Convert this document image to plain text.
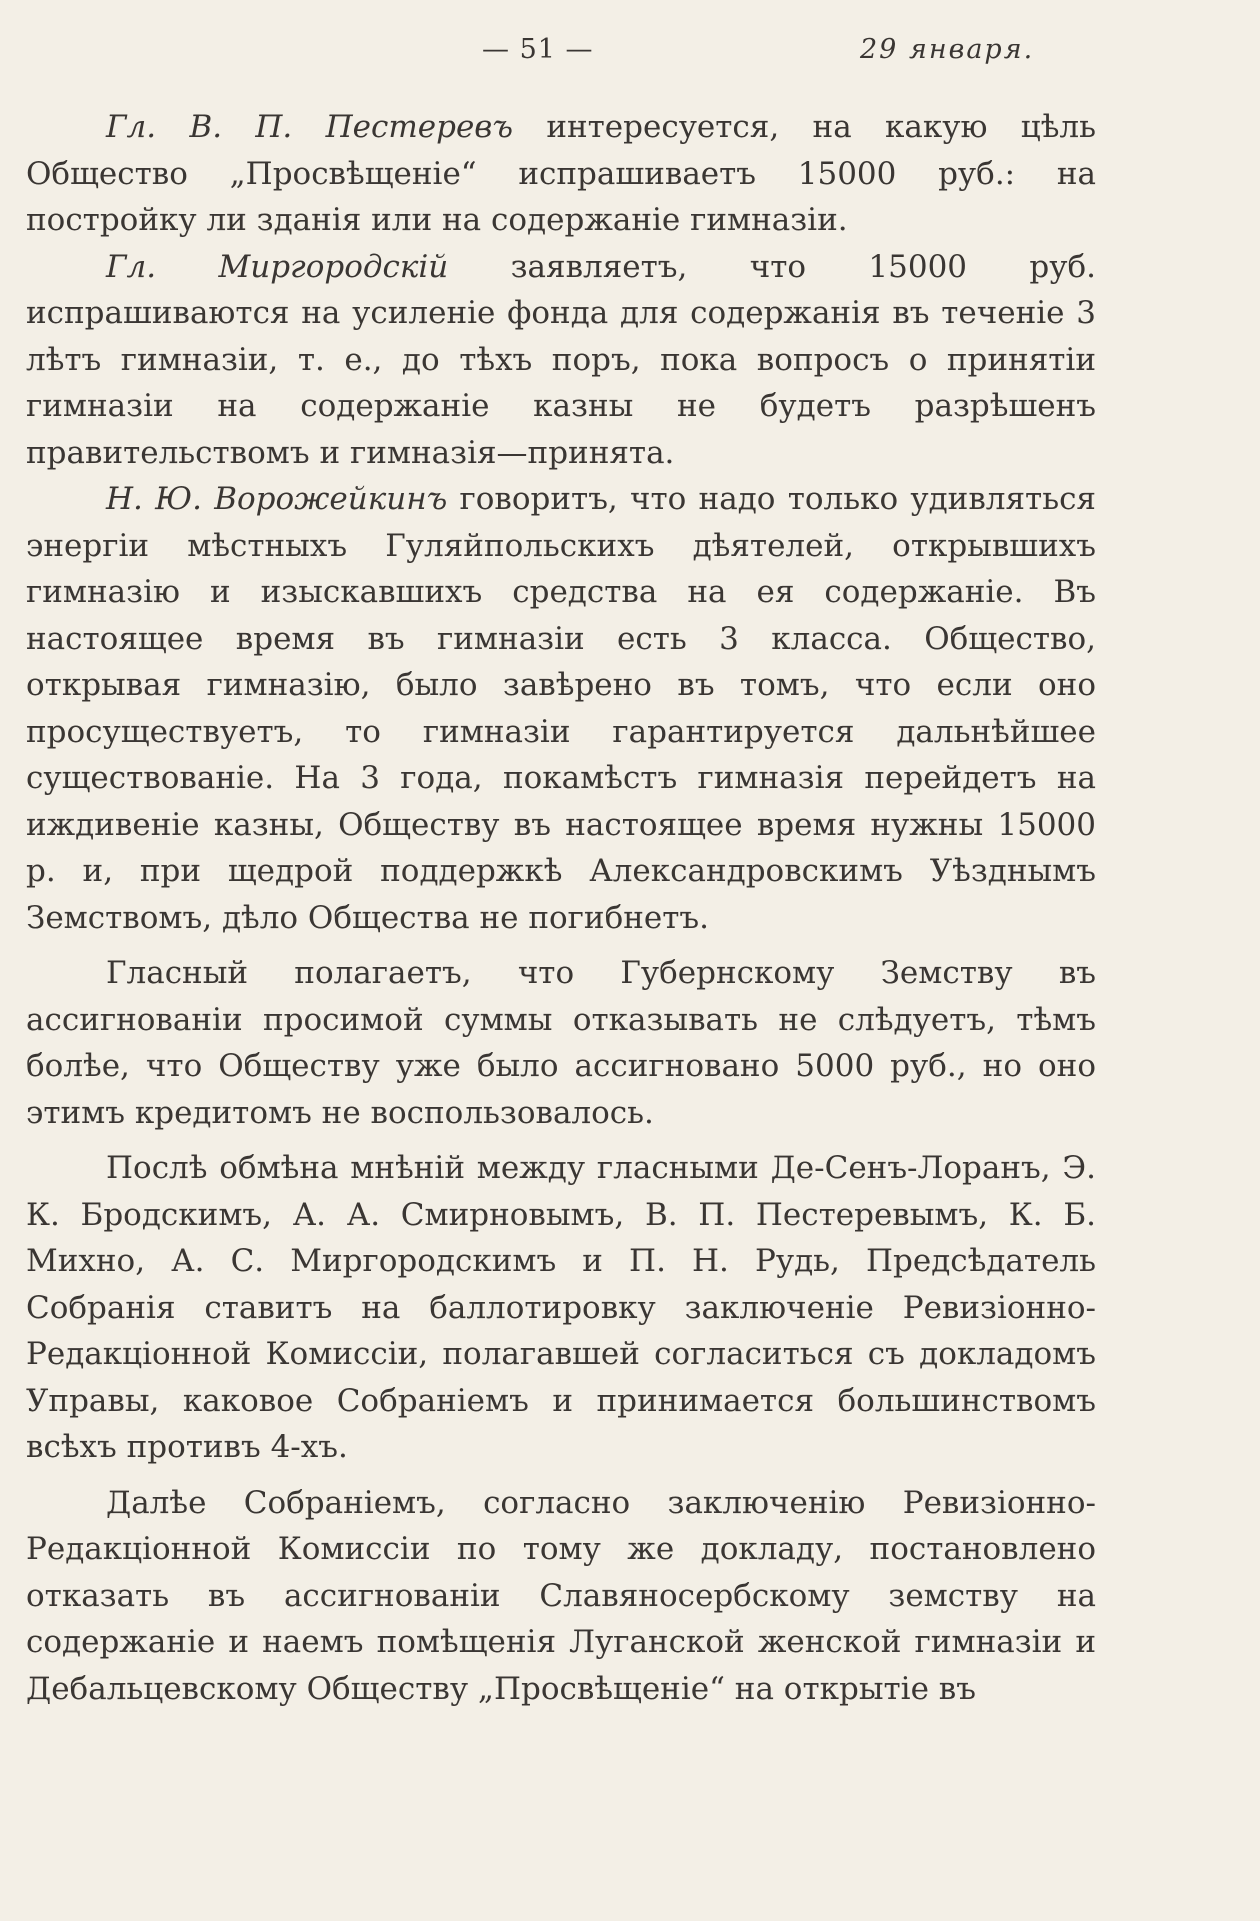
— 51 —	29 января.

Гл. В. П. Пестеревъ интересуется, на какую цѣль Общество „Просвѣщеніе“ испрашиваетъ 15000 руб.: на постройку ли зданія или на содержаніе гимназіи.

Гл. Миргородскій заявляетъ, что 15000 руб. испрашиваются на усиленіе фонда для содержанія въ теченіе 3 лѣтъ гимназіи, т. е., до тѣхъ поръ, пока вопросъ о принятіи гимназіи на содержаніе казны не будетъ разрѣшенъ правительствомъ и гимназія—принята.

Н. Ю. Ворожейкинъ говоритъ, что надо только удивляться энергіи мѣстныхъ Гуляйпольскихъ дѣятелей, открывшихъ гимназію и изыскавшихъ средства на ея содержаніе. Въ настоящее время въ гимназіи есть 3 класса. Общество, открывая гимназію, было завѣрено въ томъ, что если оно просуществуетъ, то гимназіи гарантируется дальнѣйшее существованіе. На 3 года, покамѣстъ гимназія перейдетъ на иждивеніе казны, Обществу въ настоящее время нужны 15000 р. и, при щедрой поддержкѣ Александровскимъ Уѣзднымъ Земствомъ, дѣло Общества не погибнетъ.

Гласный полагаетъ, что Губернскому Земству въ ассигнованіи просимой суммы отказывать не слѣдуетъ, тѣмъ болѣе, что Обществу уже было ассигновано 5000 руб., но оно этимъ кредитомъ не воспользовалось.

Послѣ обмѣна мнѣній между гласными Де-Сенъ-Лоранъ, Э. К. Бродскимъ, А. А. Смирновымъ, В. П. Пестеревымъ, К. Б. Михно, А. С. Миргородскимъ и П. Н. Рудь, Предсѣдатель Собранія ставитъ на баллотировку заключеніе Ревизіонно-Редакціонной Комиссіи, полагавшей согласиться съ докладомъ Управы, каковое Собраніемъ и принимается большинствомъ всѣхъ противъ 4-хъ.

Далѣе Собраніемъ, согласно заключенію Ревизіонно-Редакціонной Комиссіи по тому же докладу, постановлено отказать въ ассигнованіи Славяносербскому земству на содержаніе и наемъ помѣщенія Луганской женской гимназіи и Дебальцевскому Обществу „Просвѣщеніе“ на открытіе въ
